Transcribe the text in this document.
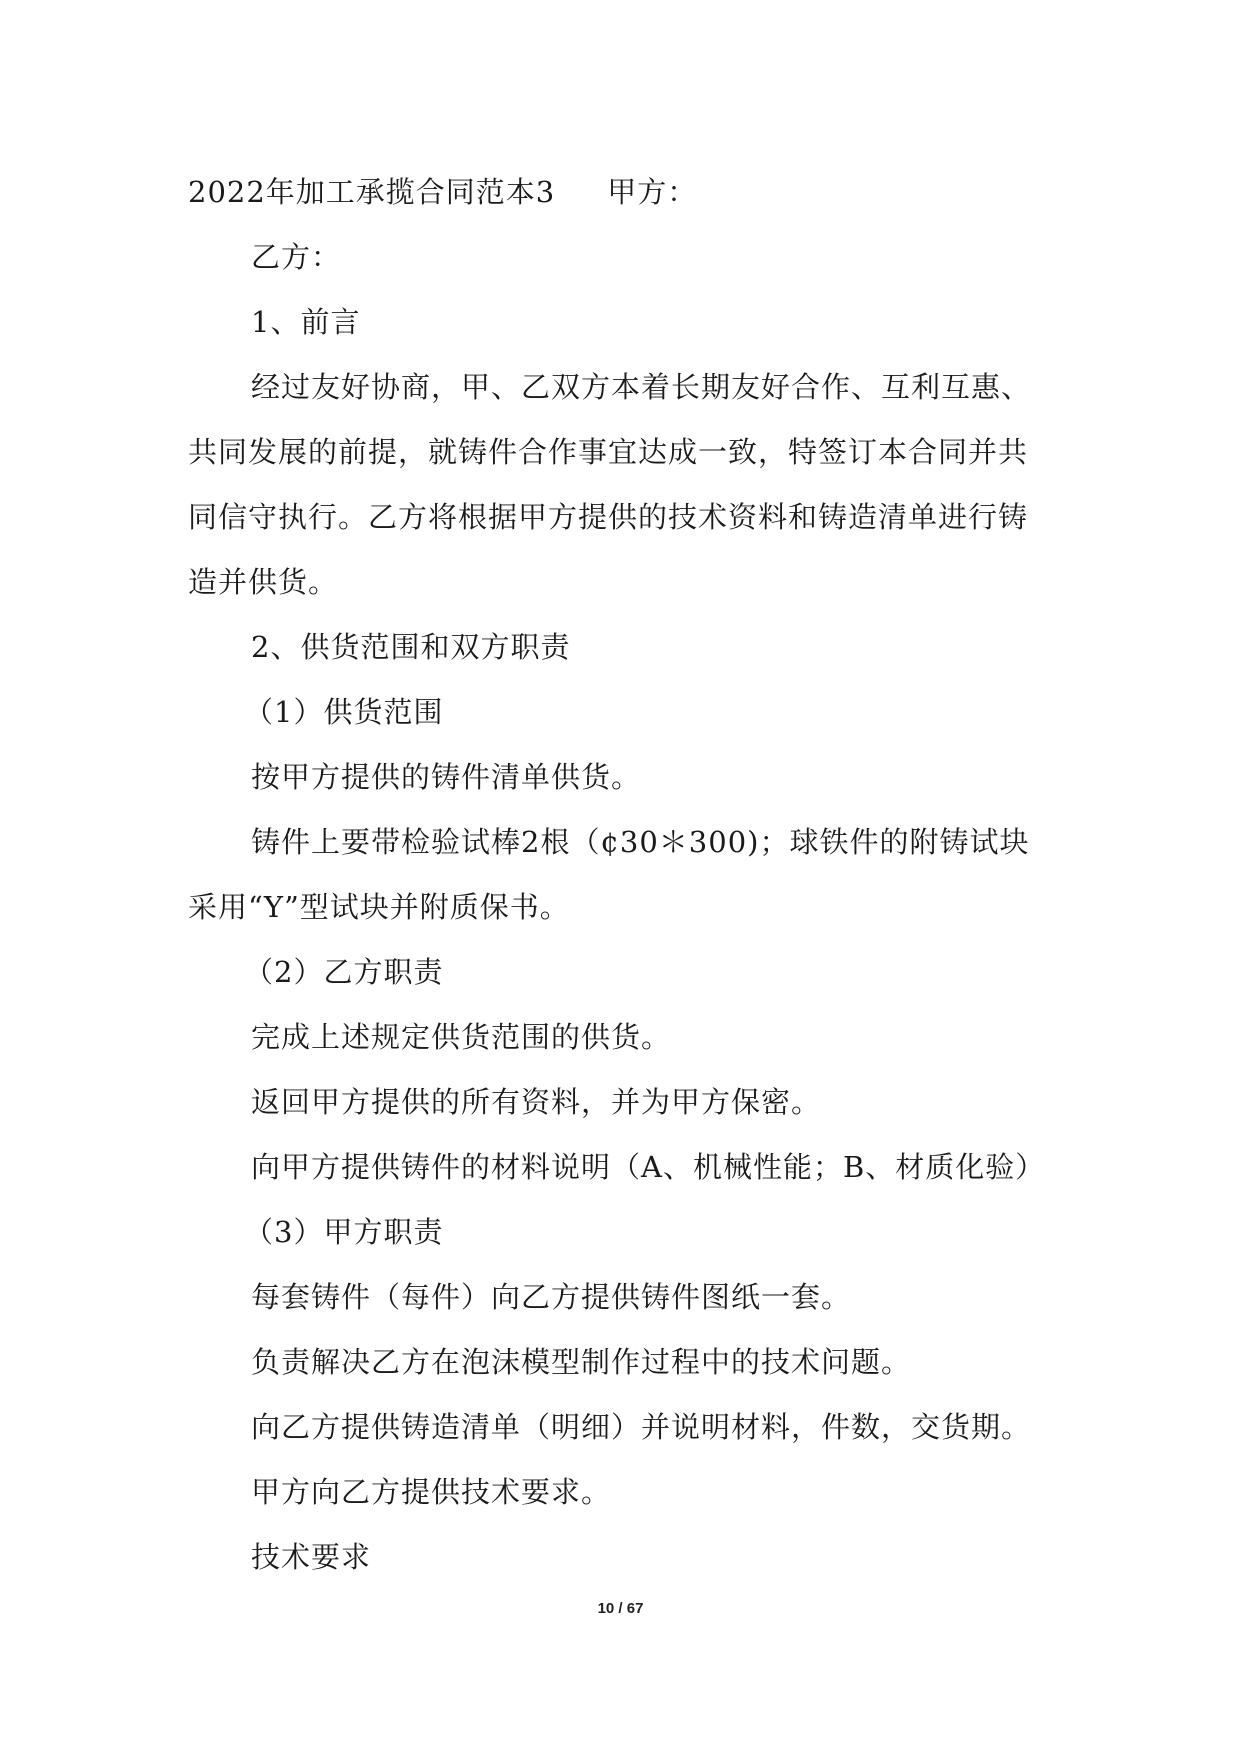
2022年加工承揽合同范本3 甲方：
乙方：
1、前言
经过友好协商，甲、乙双方本着长期友好合作、互利互惠、
共同发展的前提，就铸件合作事宜达成一致，特签订本合同并共
同信守执行。乙方将根据甲方提供的技术资料和铸造清单进行铸
造并供货。
2、供货范围和双方职责
（1）供货范围
按甲方提供的铸件清单供货。
铸件上要带检验试棒2根（¢30＊300)；球铁件的附铸试块
采用“Y”型试块并附质保书。
（2）乙方职责
完成上述规定供货范围的供货。
返回甲方提供的所有资料，并为甲方保密。
向甲方提供铸件的材料说明（A、机械性能；B、材质化验）
（3）甲方职责
每套铸件（每件）向乙方提供铸件图纸一套。
负责解决乙方在泡沫模型制作过程中的技术问题。
向乙方提供铸造清单（明细）并说明材料，件数，交货期。
甲方向乙方提供技术要求。
技术要求
10 / 67
